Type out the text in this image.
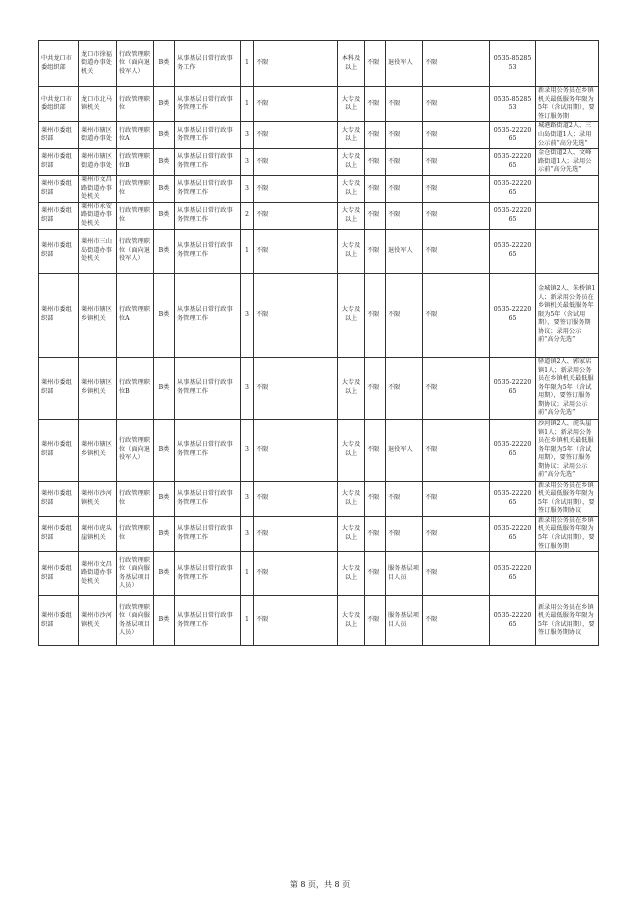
中共龙口市委组织部	龙口市徐福街道办事处机关	行政管理职位（面向退役军人）	B类	从事基层日常行政事务工作	1	不限	本科及以上	不限	退役军人	不限	0535-8528553	
中共龙口市委组织部	龙口市北马镇机关	行政管理职位	B类	从事基层日常行政事务管理工作	1	不限	大专及以上	不限	不限	不限	0535-8528553	新录用公务员在乡镇机关最低服务年限为5年（含试用期），要签订服务期
莱州市委组织部	莱州市辖区街道办事处	行政管理职位A	B类	从事基层日常行政事务管理工作	3	不限	大专及以上	不限	不限	不限	0535-2222065	城港路街道2人、三山岛街道1人；录用公示前“高分先选”
莱州市委组织部	莱州市辖区街道办事处	行政管理职位B	B类	从事基层日常行政事务管理工作	3	不限	大专及以上	不限	不限	不限	0535-2222065	金仓街道2人、文峰路街道1人；录用公示前“高分先选”
莱州市委组织部	莱州市文昌路街道办事处机关	行政管理职位	B类	从事基层日常行政事务管理工作	3	不限	大专及以上	不限	不限	不限	0535-2222065	
莱州市委组织部	莱州市永安路街道办事处机关	行政管理职位	B类	从事基层日常行政事务管理工作	2	不限	大专及以上	不限	不限	不限	0535-2222065	
莱州市委组织部	莱州市三山岛街道办事处机关	行政管理职位（面向退役军人）	B类	从事基层日常行政事务管理工作	1	不限	大专及以上	不限	退役军人	不限	0535-2222065	
莱州市委组织部	莱州市辖区乡镇机关	行政管理职位A	B类	从事基层日常行政事务管理工作	3	不限	大专及以上	不限	不限	不限	0535-2222065	金城镇2人、朱桥镇1人；新录用公务员在乡镇机关最低服务年限为5年（含试用期），要签订服务期协议；录用公示前“高分先选”
莱州市委组织部	莱州市辖区乡镇机关	行政管理职位B	B类	从事基层日常行政事务管理工作	3	不限	大专及以上	不限	不限	不限	0535-2222065	驿道镇2人、郭家店镇1人；新录用公务员在乡镇机关最低服务年限为5年（含试用期），要签订服务期协议；录用公示前“高分先选”
莱州市委组织部	莱州市辖区乡镇机关	行政管理职位（面向退役军人）	B类	从事基层日常行政事务管理工作	3	不限	大专及以上	不限	退役军人	不限	0535-2222065	沙河镇2人、虎头崖镇1人；新录用公务员在乡镇机关最低服务年限为5年（含试用期），要签订服务期协议；录用公示前“高分先选”
莱州市委组织部	莱州市沙河镇机关	行政管理职位	B类	从事基层日常行政事务管理工作	3	不限	大专及以上	不限	不限	不限	0535-2222065	新录用公务员在乡镇机关最低服务年限为5年（含试用期），要签订服务期协议
莱州市委组织部	莱州市虎头崖镇机关	行政管理职位	B类	从事基层日常行政事务管理工作	3	不限	大专及以上	不限	不限	不限	0535-2222065	新录用公务员在乡镇机关最低服务年限为5年（含试用期），要签订服务期
莱州市委组织部	莱州市文昌路街道办事处机关	行政管理职位（面向服务基层项目人员）	B类	从事基层日常行政事务管理工作	1	不限	大专及以上	不限	服务基层项目人员	不限	0535-2222065	
莱州市委组织部	莱州市沙河镇机关	行政管理职位（面向服务基层项目人员）	B类	从事基层日常行政事务管理工作	1	不限	大专及以上	不限	服务基层项目人员	不限	0535-2222065	新录用公务员在乡镇机关最低服务年限为5年（含试用期），要签订服务期协议
第 8 页，共 8 页
